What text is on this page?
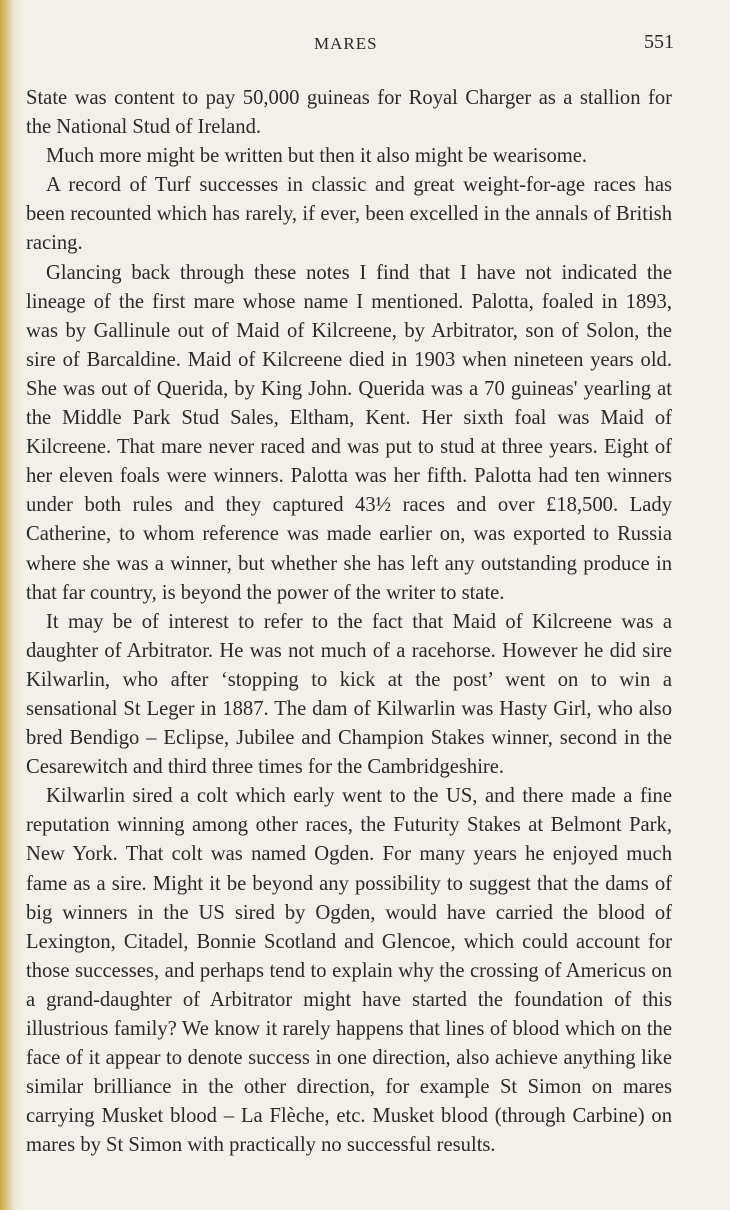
MARES	551

State was content to pay 50,000 guineas for Royal Charger as a stallion for the National Stud of Ireland.

Much more might be written but then it also might be wearisome.

A record of Turf successes in classic and great weight-for-age races has been recounted which has rarely, if ever, been excelled in the annals of British racing.

Glancing back through these notes I find that I have not indicated the lineage of the first mare whose name I mentioned. Palotta, foaled in 1893, was by Gallinule out of Maid of Kilcreene, by Arbitrator, son of Solon, the sire of Barcaldine. Maid of Kilcreene died in 1903 when nineteen years old. She was out of Querida, by King John. Querida was a 70 guineas' yearling at the Middle Park Stud Sales, Eltham, Kent. Her sixth foal was Maid of Kilcreene. That mare never raced and was put to stud at three years. Eight of her eleven foals were winners. Palotta was her fifth. Palotta had ten winners under both rules and they captured 43½ races and over £18,500. Lady Catherine, to whom reference was made earlier on, was exported to Russia where she was a winner, but whether she has left any outstanding produce in that far country, is beyond the power of the writer to state.

It may be of interest to refer to the fact that Maid of Kilcreene was a daughter of Arbitrator. He was not much of a racehorse. However he did sire Kilwarlin, who after ‘stopping to kick at the post’ went on to win a sensational St Leger in 1887. The dam of Kilwarlin was Hasty Girl, who also bred Bendigo – Eclipse, Jubilee and Champion Stakes winner, second in the Cesarewitch and third three times for the Cambridgeshire.

Kilwarlin sired a colt which early went to the US, and there made a fine reputation winning among other races, the Futurity Stakes at Belmont Park, New York. That colt was named Ogden. For many years he enjoyed much fame as a sire. Might it be beyond any possibility to suggest that the dams of big winners in the US sired by Ogden, would have carried the blood of Lexington, Citadel, Bonnie Scotland and Glencoe, which could account for those successes, and perhaps tend to explain why the crossing of Americus on a grand-daughter of Arbitrator might have started the foundation of this illustrious family? We know it rarely happens that lines of blood which on the face of it appear to denote success in one direction, also achieve anything like similar brilliance in the other direction, for example St Simon on mares carrying Musket blood – La Flèche, etc. Musket blood (through Carbine) on mares by St Simon with practically no successful results.
